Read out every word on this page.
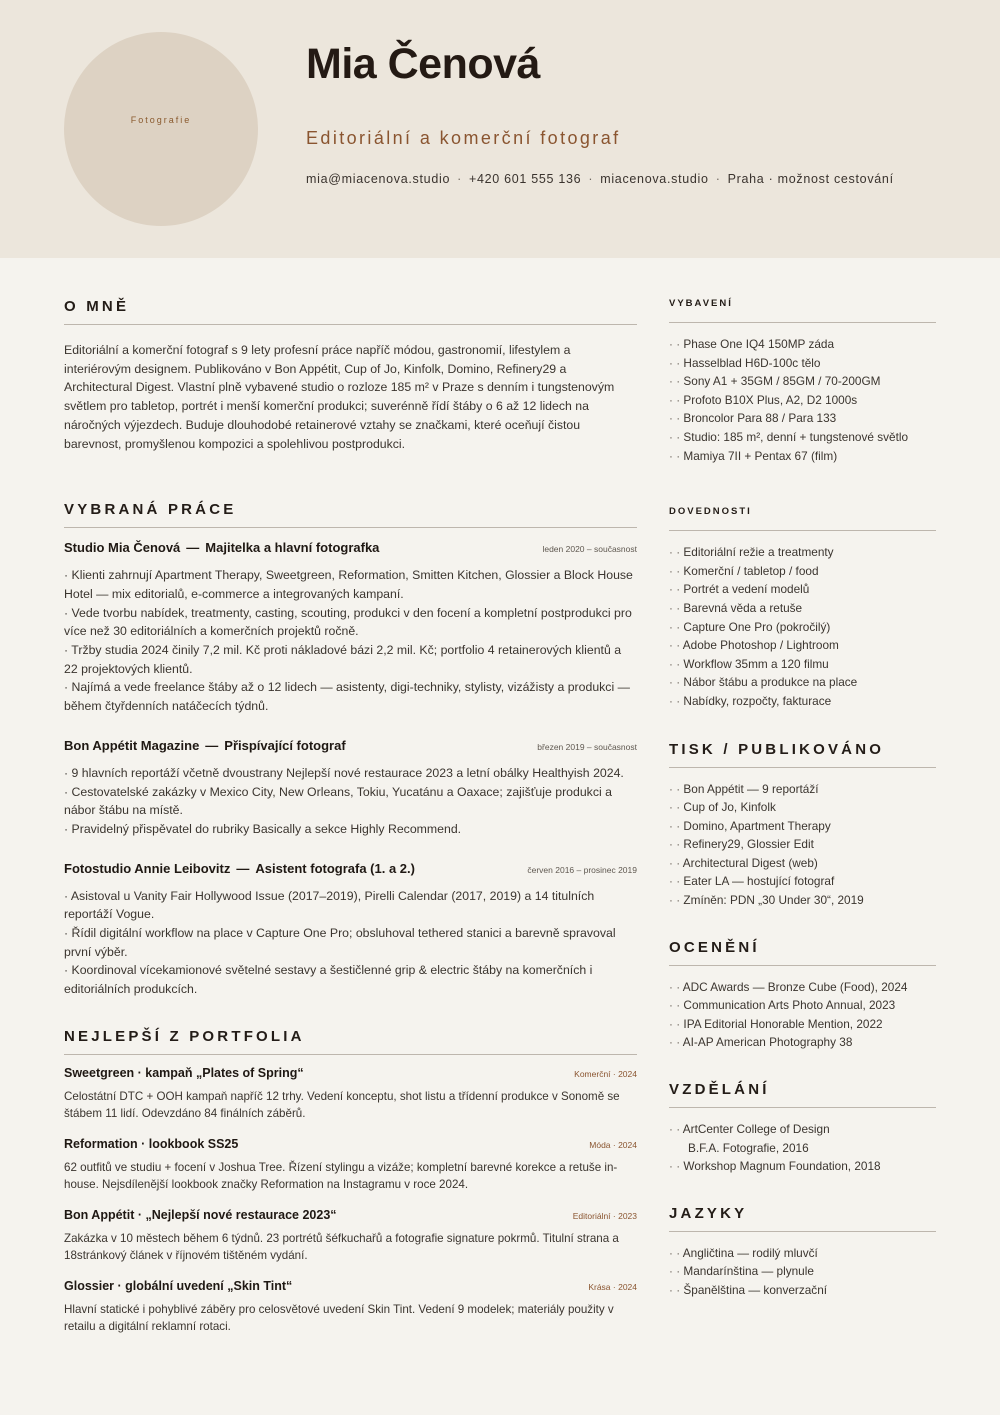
Fotografie
Mia Čenová
Editoriální a komerční fotograf
mia@miacenova.studio · +420 601 555 136 · miacenova.studio · Praha · možnost cestování
O MNĚ

Editoriální a komerční fotograf s 9 lety profesní práce napříč módou, gastronomií, lifestylem a interiérovým designem. Publikováno v Bon Appétit, Cup of Jo, Kinfolk, Domino, Refinery29 a Architectural Digest. Vlastní plně vybavené studio o rozloze 185 m² v Praze s denním i tungstenovým světlem pro tabletop, portrét i menší komerční produkci; suverénně řídí štáby o 6 až 12 lidech na náročných výjezdech. Buduje dlouhodobé retainerové vztahy se značkami, které oceňují čistou barevnost, promyšlenou kompozici a spolehlivou postprodukci.

VYBRANÁ PRÁCE
Studio Mia Čenová — Majitelka a hlavní fotografka	leden 2020 – současnost
· Klienti zahrnují Apartment Therapy, Sweetgreen, Reformation, Smitten Kitchen, Glossier a Block House Hotel — mix editorialů, e-commerce a integrovaných kampaní.
· Vede tvorbu nabídek, treatmenty, casting, scouting, produkci v den focení a kompletní postprodukci pro více než 30 editoriálních a komerčních projektů ročně.
· Tržby studia 2024 činily 7,2 mil. Kč proti nákladové bázi 2,2 mil. Kč; portfolio 4 retainerových klientů a 22 projektových klientů.
· Najímá a vede freelance štáby až o 12 lidech — asistenty, digi-techniky, stylisty, vizážisty a produkci — během čtyřdenních natáčecích týdnů.
Bon Appétit Magazine — Přispívající fotograf	březen 2019 – současnost
· 9 hlavních reportáží včetně dvoustrany Nejlepší nové restaurace 2023 a letní obálky Healthyish 2024.
· Cestovatelské zakázky v Mexico City, New Orleans, Tokiu, Yucatánu a Oaxace; zajišťuje produkci a nábor štábu na místě.
· Pravidelný přispěvatel do rubriky Basically a sekce Highly Recommend.
Fotostudio Annie Leibovitz — Asistent fotografa (1. a 2.)	červen 2016 – prosinec 2019
· Asistoval u Vanity Fair Hollywood Issue (2017–2019), Pirelli Calendar (2017, 2019) a 14 titulních reportáží Vogue.
· Řídil digitální workflow na place v Capture One Pro; obsluhoval tethered stanici a barevně spravoval první výběr.
· Koordinoval vícekamionové světelné sestavy a šestičlenné grip & electric štáby na komerčních i editoriálních produkcích.
NEJLEPŠÍ Z PORTFOLIA
Sweetgreen · kampaň „Plates of Spring“	Komerční · 2024
Celostátní DTC + OOH kampaň napříč 12 trhy. Vedení konceptu, shot listu a třídenní produkce v Sonomě se štábem 11 lidí. Odevzdáno 84 finálních záběrů.
Reformation · lookbook SS25	Móda · 2024
62 outfitů ve studiu + focení v Joshua Tree. Řízení stylingu a vizáže; kompletní barevné korekce a retuše in-house. Nejsdílenější lookbook značky Reformation na Instagramu v roce 2024.
Bon Appétit · „Nejlepší nové restaurace 2023“	Editoriální · 2023
Zakázka v 10 městech během 6 týdnů. 23 portrétů šéfkuchařů a fotografie signature pokrmů. Titulní strana a 18stránkový článek v říjnovém tištěném vydání.
Glossier · globální uvedení „Skin Tint“	Krása · 2024
Hlavní statické i pohyblivé záběry pro celosvětové uvedení Skin Tint. Vedení 9 modelek; materiály použity v retailu a digitální reklamní rotaci.
VYBAVENÍ
· · Phase One IQ4 150MP záda
· · Hasselblad H6D-100c tělo
· · Sony A1 + 35GM / 85GM / 70-200GM
· · Profoto B10X Plus, A2, D2 1000s
· · Broncolor Para 88 / Para 133
· · Studio: 185 m², denní + tungstenové světlo
· · Mamiya 7II + Pentax 67 (film)
DOVEDNOSTI
· · Editoriální režie a treatmenty
· · Komerční / tabletop / food
· · Portrét a vedení modelů
· · Barevná věda a retuše
· · Capture One Pro (pokročilý)
· · Adobe Photoshop / Lightroom
· · Workflow 35mm a 120 filmu
· · Nábor štábu a produkce na place
· · Nabídky, rozpočty, fakturace
TISK / PUBLIKOVÁNO
· · Bon Appétit — 9 reportáží
· · Cup of Jo, Kinfolk
· · Domino, Apartment Therapy
· · Refinery29, Glossier Edit
· · Architectural Digest (web)
· · Eater LA — hostující fotograf
· · Zmíněn: PDN „30 Under 30“, 2019
OCENĚNÍ
· · ADC Awards — Bronze Cube (Food), 2024
· · Communication Arts Photo Annual, 2023
· · IPA Editorial Honorable Mention, 2022
· · AI-AP American Photography 38
VZDĚLÁNÍ
· · ArtCenter College of Design
B.F.A. Fotografie, 2016
· · Workshop Magnum Foundation, 2018
JAZYKY
· · Angličtina — rodilý mluvčí
· · Mandarínština — plynule
· · Španělština — konverzační
